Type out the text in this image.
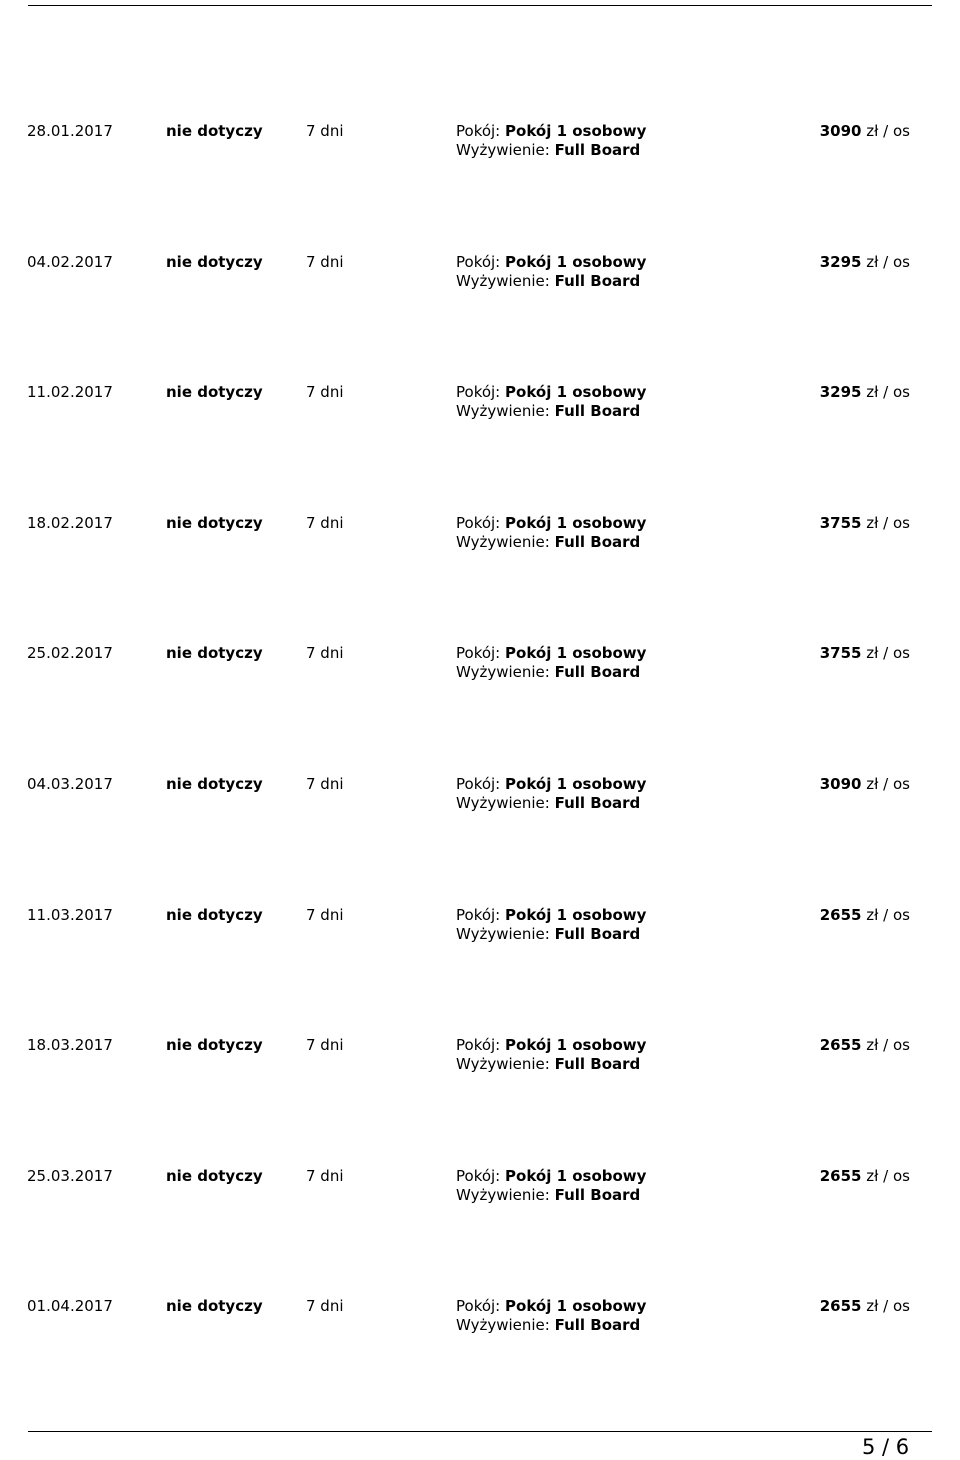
28.01.2017	nie dotyczy	7 dni	Pokój: Pokój 1 osobowy
Wyżywienie: Full Board
3090 zł / os
04.02.2017	nie dotyczy	7 dni	Pokój: Pokój 1 osobowy
Wyżywienie: Full Board
3295 zł / os
11.02.2017	nie dotyczy	7 dni	Pokój: Pokój 1 osobowy
Wyżywienie: Full Board
3295 zł / os
18.02.2017	nie dotyczy	7 dni	Pokój: Pokój 1 osobowy
Wyżywienie: Full Board
3755 zł / os
25.02.2017	nie dotyczy	7 dni	Pokój: Pokój 1 osobowy
Wyżywienie: Full Board
3755 zł / os
04.03.2017	nie dotyczy	7 dni	Pokój: Pokój 1 osobowy
Wyżywienie: Full Board
3090 zł / os
11.03.2017	nie dotyczy	7 dni	Pokój: Pokój 1 osobowy
Wyżywienie: Full Board
2655 zł / os
18.03.2017	nie dotyczy	7 dni	Pokój: Pokój 1 osobowy
Wyżywienie: Full Board
2655 zł / os
25.03.2017	nie dotyczy	7 dni	Pokój: Pokój 1 osobowy
Wyżywienie: Full Board
2655 zł / os
01.04.2017	nie dotyczy	7 dni	Pokój: Pokój 1 osobowy
Wyżywienie: Full Board
2655 zł / os
5 / 6
